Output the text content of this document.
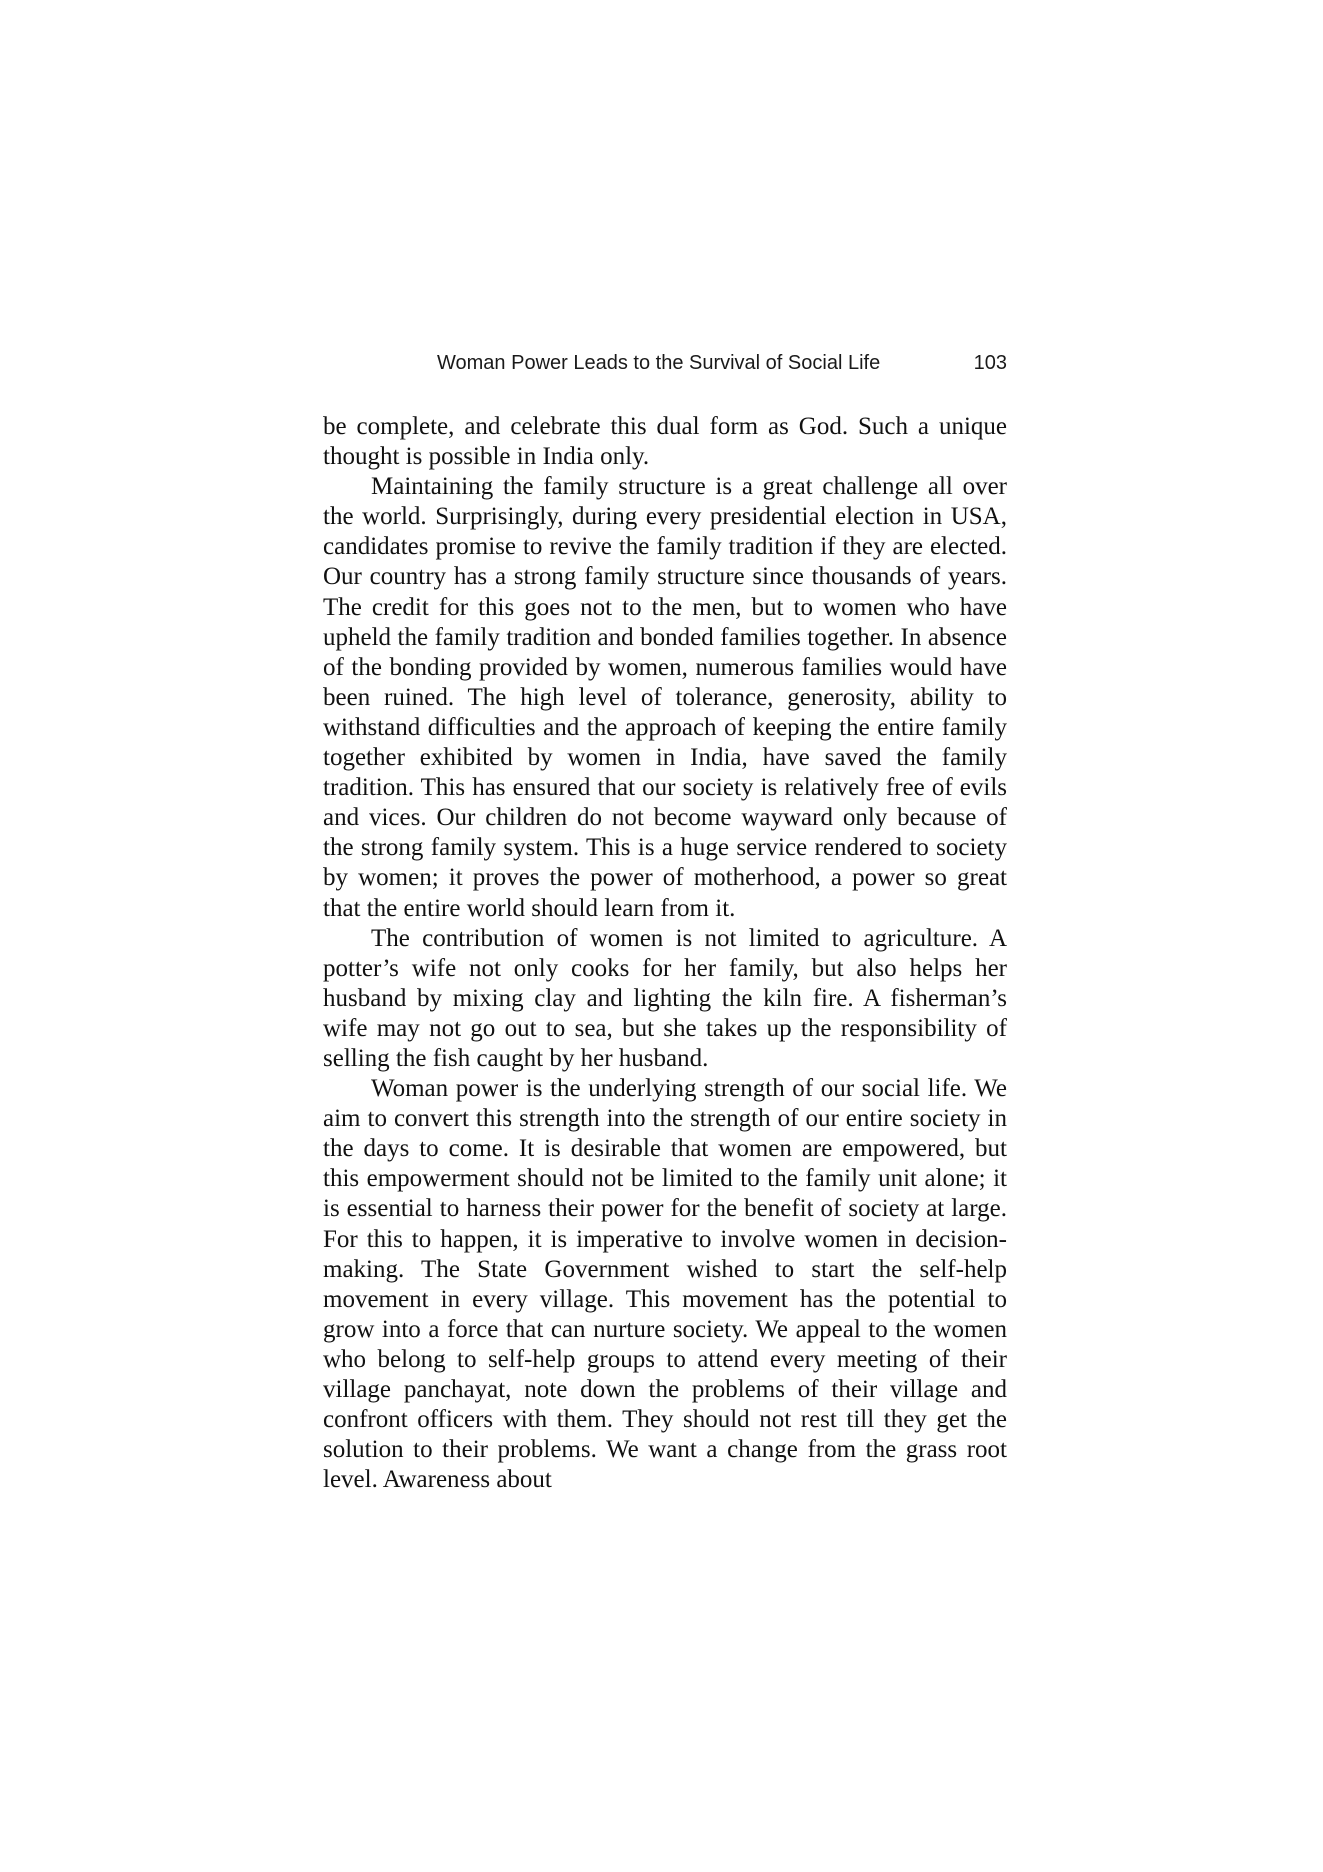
Woman Power Leads to the Survival of Social Life	103

be complete, and celebrate this dual form as God. Such a unique thought is possible in India only.

Maintaining the family structure is a great challenge all over the world. Surprisingly, during every presidential election in USA, candidates promise to revive the family tradition if they are elected. Our country has a strong family structure since thousands of years. The credit for this goes not to the men, but to women who have upheld the family tradition and bonded families together. In absence of the bonding provided by women, numerous families would have been ruined. The high level of tolerance, generosity, ability to withstand difficulties and the approach of keeping the entire family together exhibited by women in India, have saved the family tradition. This has ensured that our society is relatively free of evils and vices. Our children do not become wayward only because of the strong family system. This is a huge service rendered to society by women; it proves the power of motherhood, a power so great that the entire world should learn from it.

The contribution of women is not limited to agriculture. A potter’s wife not only cooks for her family, but also helps her husband by mixing clay and lighting the kiln fire. A fisherman’s wife may not go out to sea, but she takes up the responsibility of selling the fish caught by her husband.

Woman power is the underlying strength of our social life. We aim to convert this strength into the strength of our entire society in the days to come. It is desirable that women are empowered, but this empowerment should not be limited to the family unit alone; it is essential to harness their power for the benefit of society at large. For this to happen, it is imperative to involve women in decision-making. The State Government wished to start the self-help movement in every village. This movement has the potential to grow into a force that can nurture society. We appeal to the women who belong to self-help groups to attend every meeting of their village panchayat, note down the problems of their village and confront officers with them. They should not rest till they get the solution to their problems. We want a change from the grass root level. Awareness about
